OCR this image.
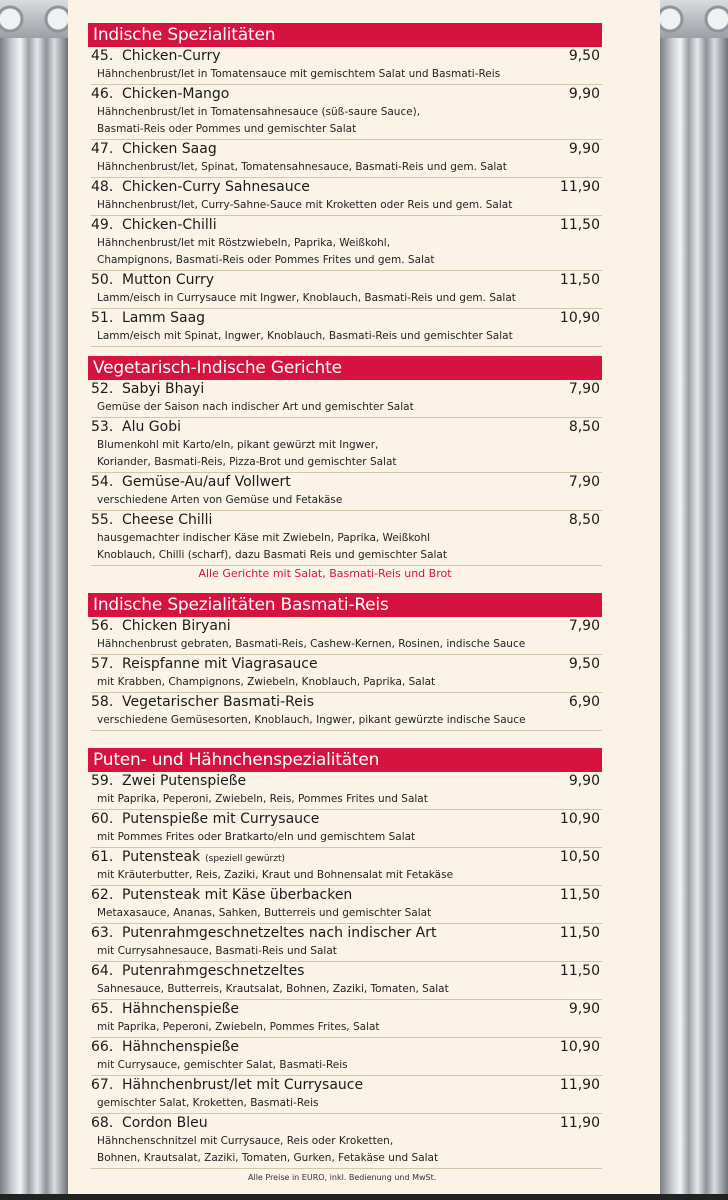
Indische Spezialitäten
45. Chicken-Curry	9,50
Hähnchenbrust/let in Tomatensauce mit gemischtem Salat und Basmati-Reis
46. Chicken-Mango	9,90
Hähnchenbrust/let in Tomatensahnesauce (süß-saure Sauce),
Basmati-Reis oder Pommes und gemischter Salat
47. Chicken Saag	9,90
Hähnchenbrust/let, Spinat, Tomatensahnesauce, Basmati-Reis und gem. Salat
48. Chicken-Curry Sahnesauce	11,90
Hähnchenbrust/let, Curry-Sahne-Sauce mit Kroketten oder Reis und gem. Salat
49. Chicken-Chilli	11,50
Hähnchenbrust/let mit Röstzwiebeln, Paprika, Weißkohl,
Champignons, Basmati-Reis oder Pommes Frites und gem. Salat
50. Mutton Curry	11,50
Lamm/eisch in Currysauce mit Ingwer, Knoblauch, Basmati-Reis und gem. Salat
51. Lamm Saag	10,90
Lamm/eisch mit Spinat, Ingwer, Knoblauch, Basmati-Reis und gemischter Salat
Vegetarisch-Indische Gerichte
52. Sabyi Bhayi	7,90
Gemüse der Saison nach indischer Art und gemischter Salat
53. Alu Gobi	8,50
Blumenkohl mit Karto/eln, pikant gewürzt mit Ingwer,
Koriander, Basmati-Reis, Pizza-Brot und gemischter Salat
54. Gemüse-Au/auf Vollwert	7,90
verschiedene Arten von Gemüse und Fetakäse
55. Cheese Chilli	8,50
hausgemachter indischer Käse mit Zwiebeln, Paprika, Weißkohl
Knoblauch, Chilli (scharf), dazu Basmati Reis und gemischter Salat
Alle Gerichte mit Salat, Basmati-Reis und Brot
Indische Spezialitäten Basmati-Reis
56. Chicken Biryani	7,90
Hähnchenbrust gebraten, Basmati-Reis, Cashew-Kernen, Rosinen, indische Sauce
57. Reispfanne mit Viagrasauce	9,50
mit Krabben, Champignons, Zwiebeln, Knoblauch, Paprika, Salat
58. Vegetarischer Basmati-Reis	6,90
verschiedene Gemüsesorten, Knoblauch, Ingwer, pikant gewürzte indische Sauce
Puten- und Hähnchenspezialitäten
59. Zwei Putenspieße	9,90
mit Paprika, Peperoni, Zwiebeln, Reis, Pommes Frites und Salat
60. Putenspieße mit Currysauce	10,90
mit Pommes Frites oder Bratkarto/eln und gemischtem Salat
61. Putensteak (speziell gewürzt)	10,50
mit Kräuterbutter, Reis, Zaziki, Kraut und Bohnensalat mit Fetakäse
62. Putensteak mit Käse überbacken	11,50
Metaxasauce, Ananas, Sahken, Butterreis und gemischter Salat
63. Putenrahmgeschnetzeltes nach indischer Art	11,50
mit Currysahnesauce, Basmati-Reis und Salat
64. Putenrahmgeschnetzeltes	11,50
Sahnesauce, Butterreis, Krautsalat, Bohnen, Zaziki, Tomaten, Salat
65. Hähnchenspieße	9,90
mit Paprika, Peperoni, Zwiebeln, Pommes Frites, Salat
66. Hähnchenspieße	10,90
mit Currysauce, gemischter Salat, Basmati-Reis
67. Hähnchenbrust/let mit Currysauce	11,90
gemischter Salat, Kroketten, Basmati-Reis
68. Cordon Bleu	11,90
Hähnchenschnitzel mit Currysauce, Reis oder Kroketten,
Bohnen, Krautsalat, Zaziki, Tomaten, Gurken, Fetakäse und Salat
Alle Preise in EURO, inkl. Bedienung und MwSt.
